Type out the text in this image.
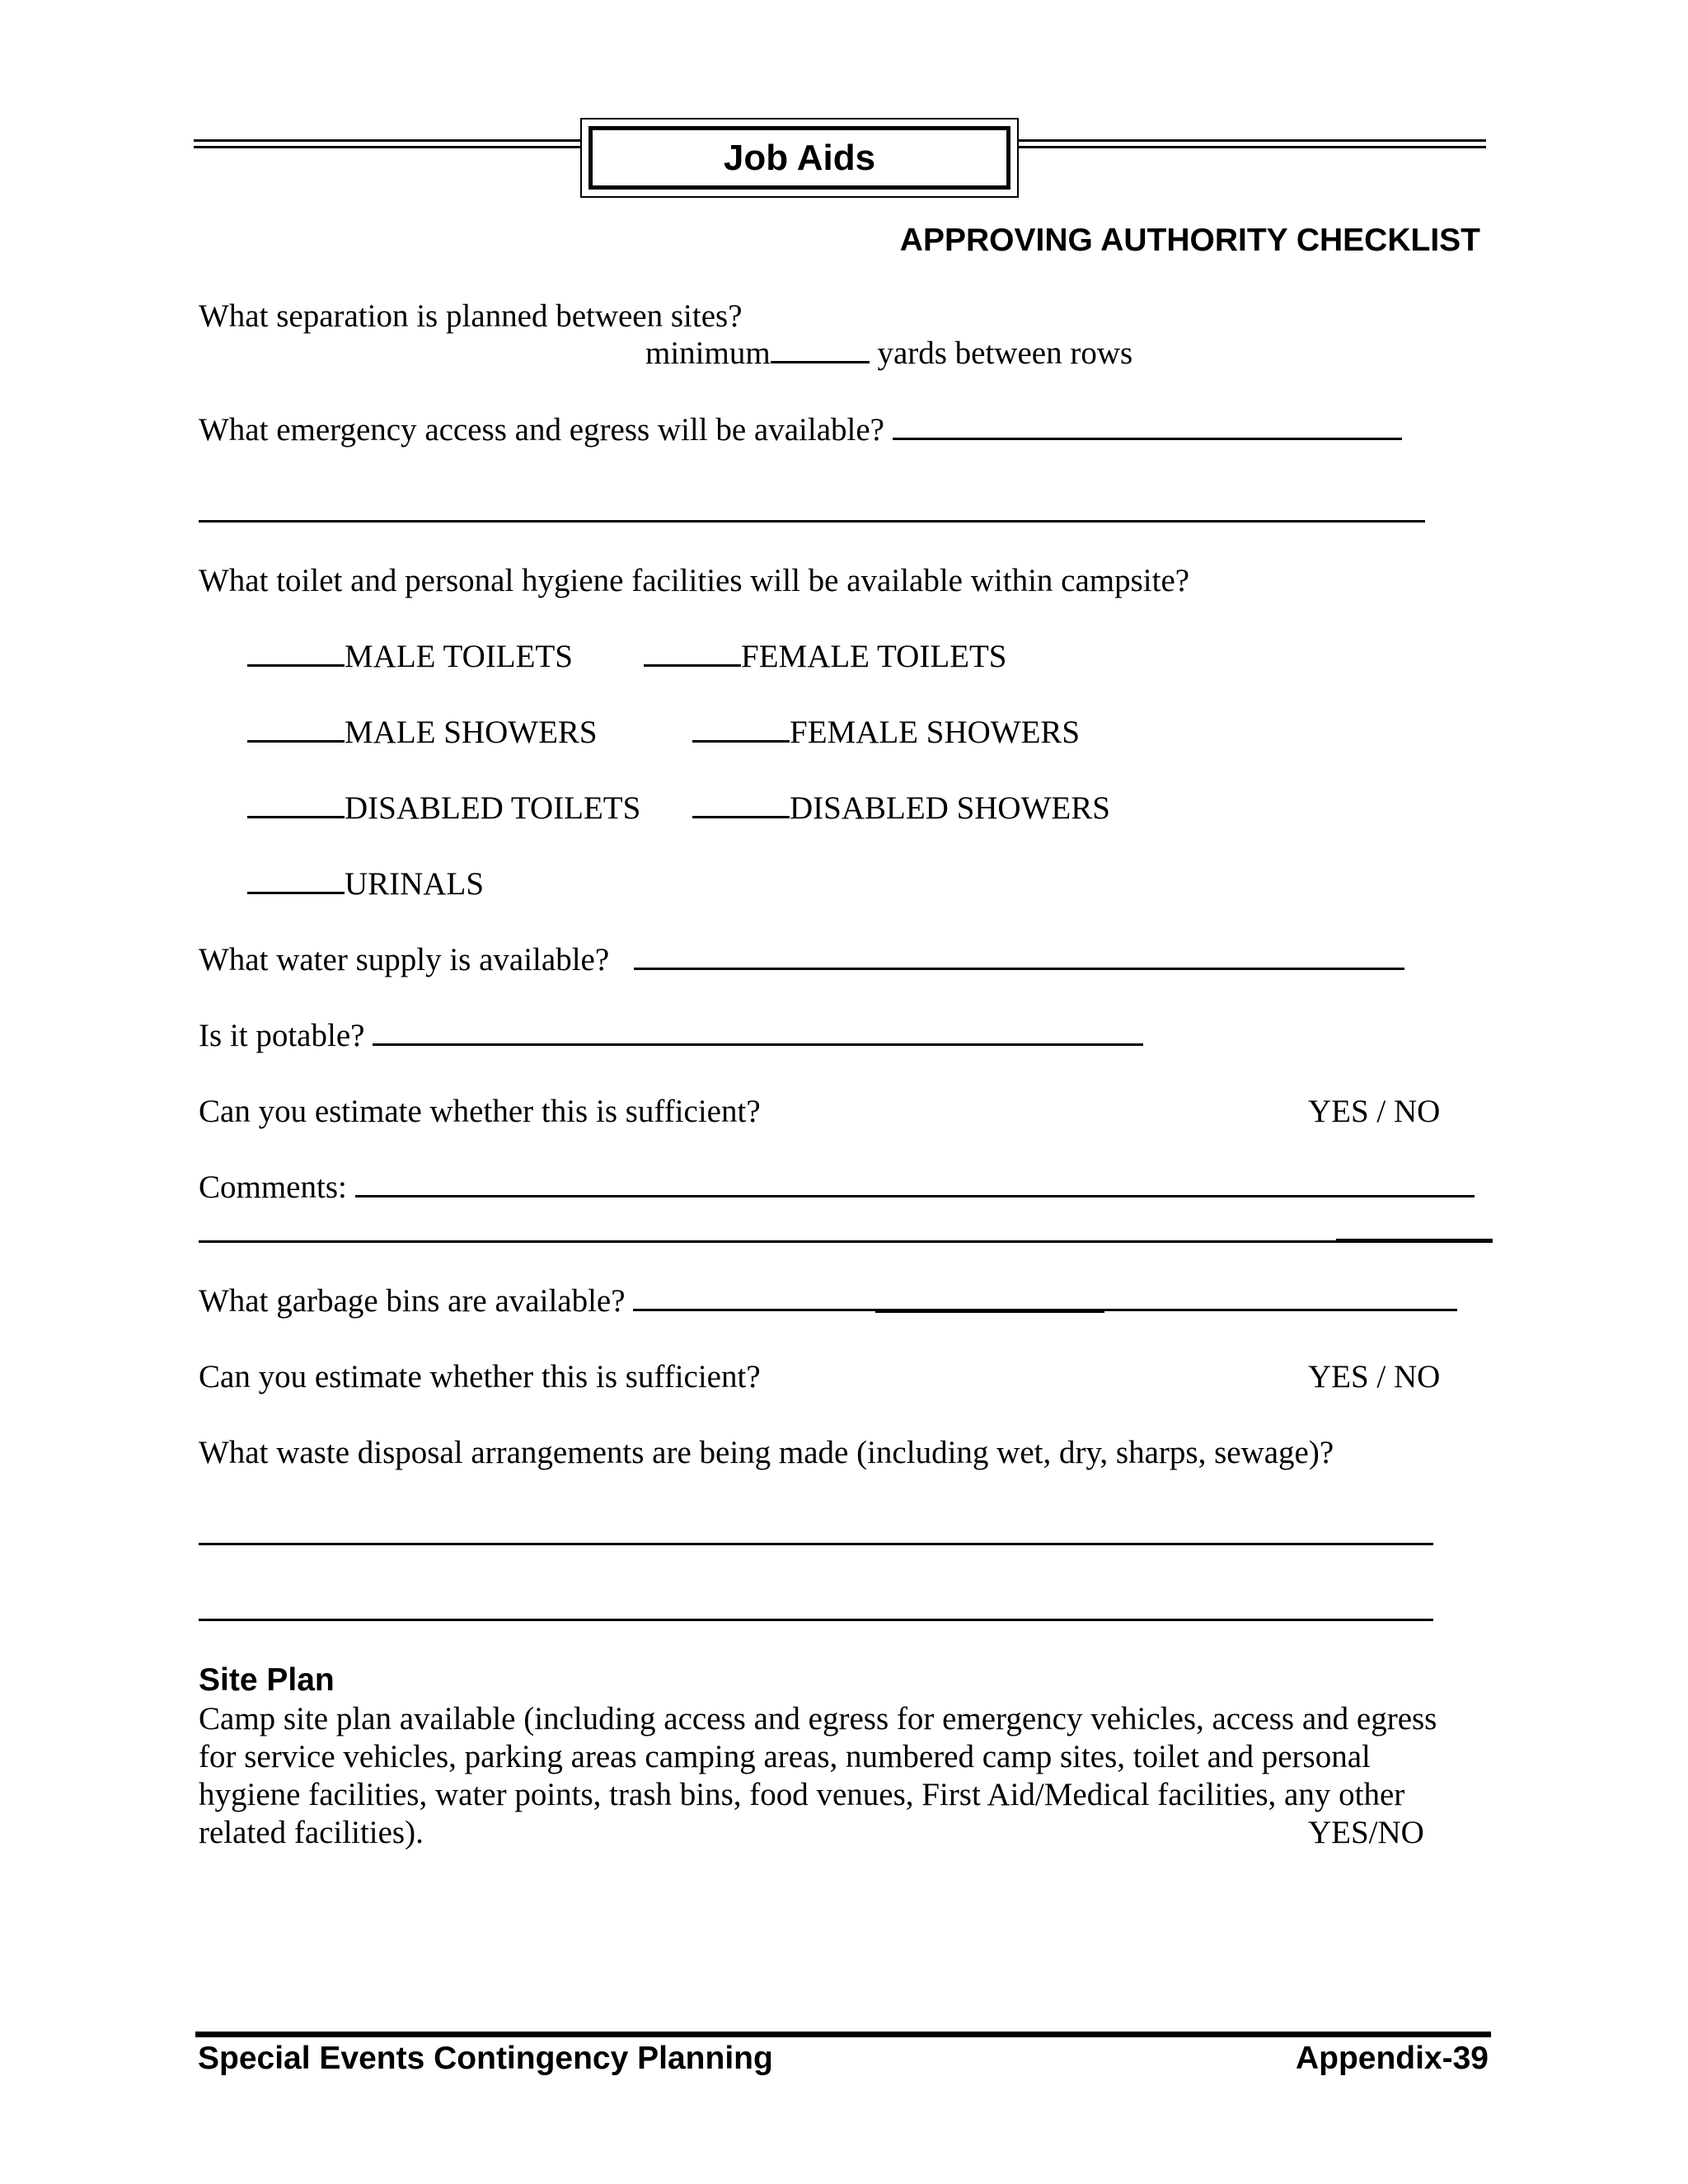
Job Aids
APPROVING AUTHORITY CHECKLIST
What separation is planned between sites?
minimum	yards between rows
What emergency access and egress will be available?
What toilet and personal hygiene facilities will be available within campsite?
MALE TOILETS	FEMALE TOILETS
MALE SHOWERS	FEMALE SHOWERS
DISABLED TOILETS	DISABLED SHOWERS
URINALS
What water supply is available?
Is it potable?
Can you estimate whether this is sufficient?	YES / NO
Comments:
What garbage bins are available?
Can you estimate whether this is sufficient?	YES / NO
What waste disposal arrangements are being made (including wet, dry, sharps, sewage)?
Site Plan
Camp site plan available (including access and egress for emergency vehicles, access and egress
for service vehicles, parking areas camping areas, numbered camp sites, toilet and personal
hygiene facilities, water points, trash bins, food venues, First Aid/Medical facilities, any other
related facilities).	YES/NO
Special Events Contingency Planning	Appendix-39
